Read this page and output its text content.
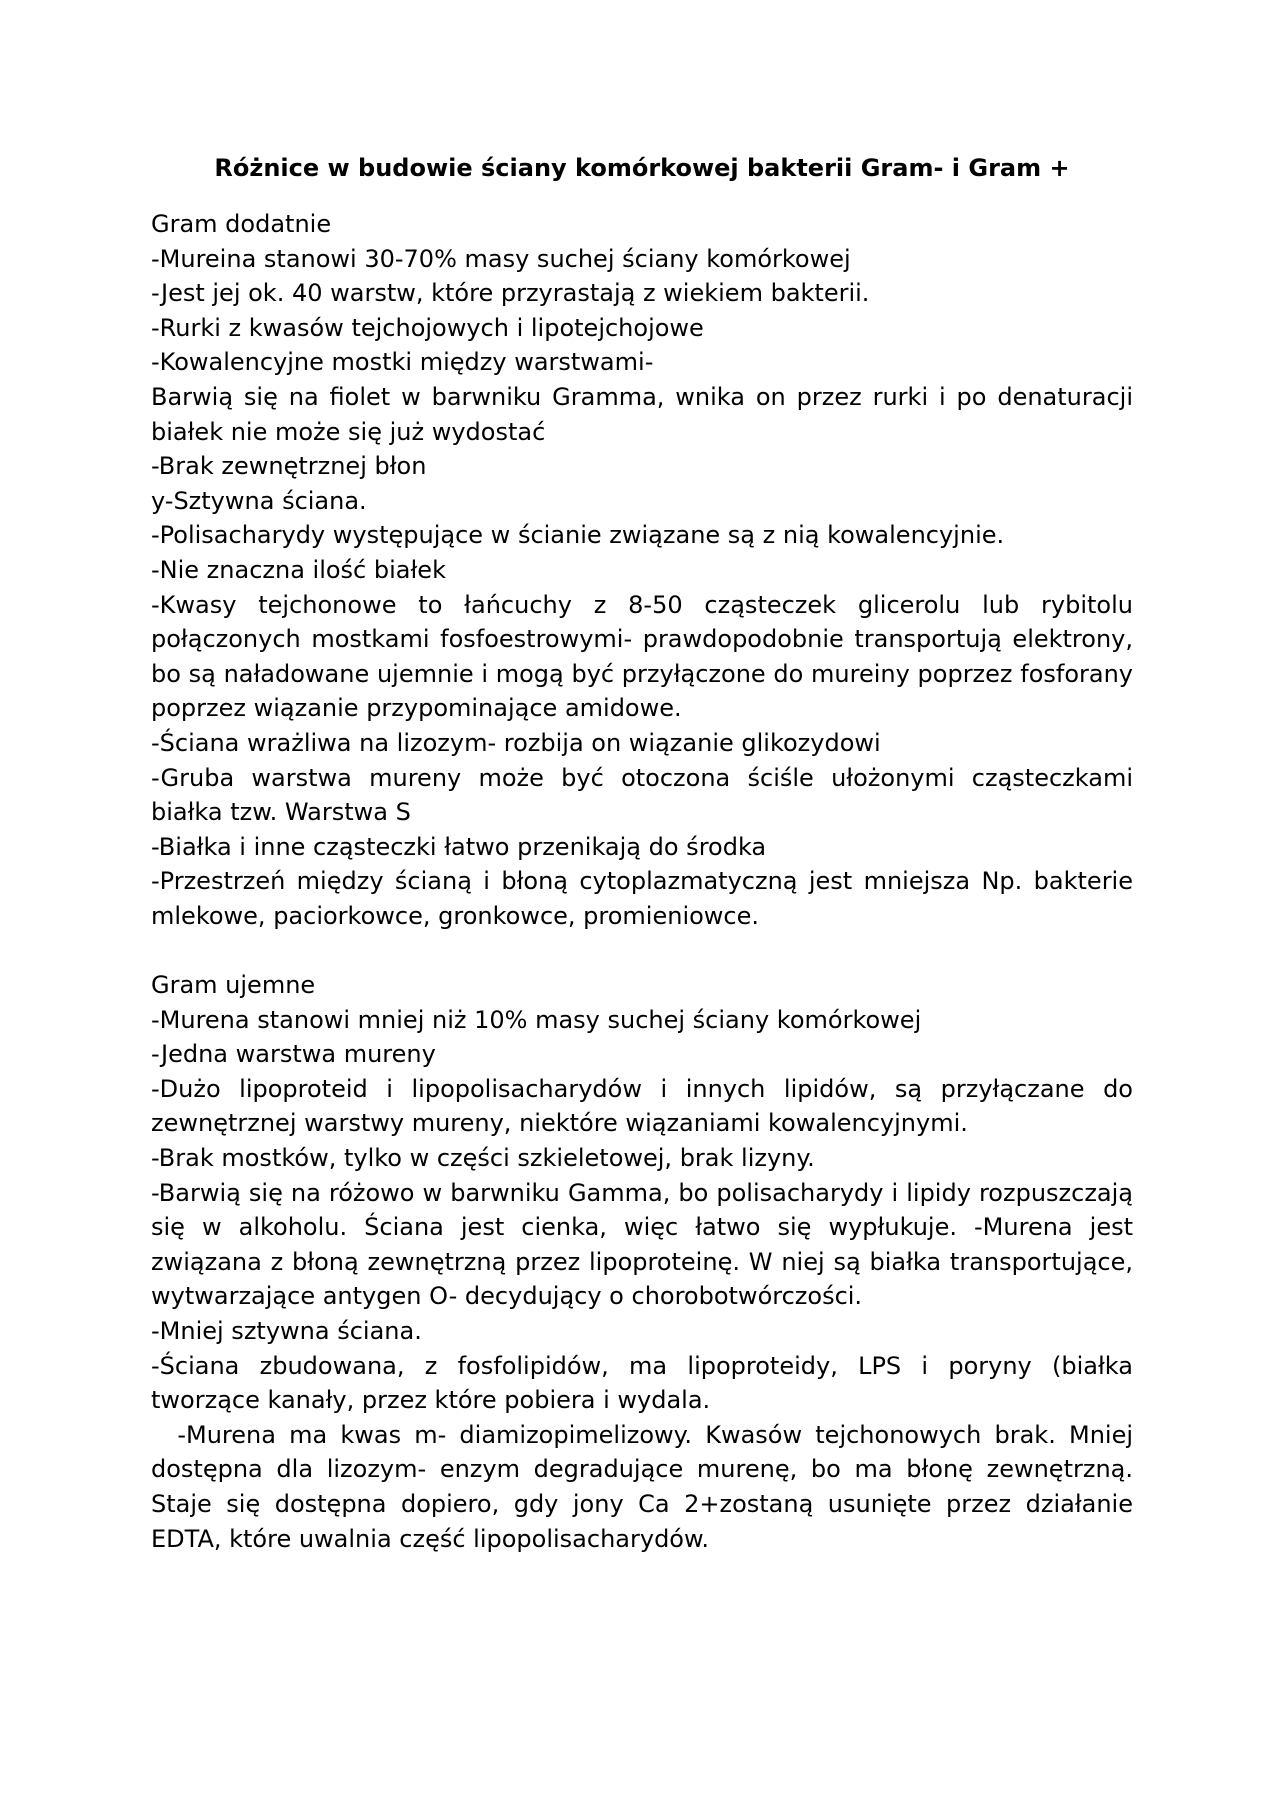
Różnice w budowie ściany komórkowej bakterii Gram- i Gram +
Gram dodatnie
-Mureina stanowi 30-70% masy suchej ściany komórkowej
-Jest jej ok. 40 warstw, które przyrastają z wiekiem bakterii.
-Rurki z kwasów tejchojowych i lipotejchojowe
-Kowalencyjne mostki między warstwami-
Barwią się na fiolet w barwniku Gramma, wnika on przez rurki i po denaturacji białek nie może się już wydostać
-Brak zewnętrznej błon
y-Sztywna ściana.
-Polisacharydy występujące w ścianie związane są z nią kowalencyjnie.
-Nie znaczna ilość białek
-Kwasy tejchonowe to łańcuchy z 8-50 cząsteczek glicerolu lub rybitolu połączonych mostkami fosfoestrowymi- prawdopodobnie transportują elektrony, bo są naładowane ujemnie i mogą być przyłączone do mureiny poprzez fosforany poprzez wiązanie przypominające amidowe.
-Ściana wrażliwa na lizozym- rozbija on wiązanie glikozydowi
-Gruba warstwa mureny może być otoczona ściśle ułożonymi cząsteczkami białka tzw. Warstwa S
-Białka i inne cząsteczki łatwo przenikają do środka
-Przestrzeń między ścianą i błoną cytoplazmatyczną jest mniejsza Np. bakterie mlekowe, paciorkowce, gronkowce, promieniowce.
Gram ujemne
-Murena stanowi mniej niż 10% masy suchej ściany komórkowej
-Jedna warstwa mureny
-Dużo lipoproteid i lipopolisacharydów i innych lipidów, są przyłączane do zewnętrznej warstwy mureny, niektóre wiązaniami kowalencyjnymi.
-Brak mostków, tylko w części szkieletowej, brak lizyny.
-Barwią się na różowo w barwniku Gamma, bo polisacharydy i lipidy rozpuszczają się w alkoholu. Ściana jest cienka, więc łatwo się wypłukuje. -Murena jest związana z błoną zewnętrzną przez lipoproteinę. W niej są białka transportujące, wytwarzające antygen O- decydujący o chorobotwórczości.
-Mniej sztywna ściana.
-Ściana zbudowana, z fosfolipidów, ma lipoproteidy, LPS i poryny (białka tworzące kanały, przez które pobiera i wydala.
-Murena ma kwas m- diamizopimelizowy. Kwasów tejchonowych brak. Mniej dostępna dla lizozym- enzym degradujące murenę, bo ma błonę zewnętrzną. Staje się dostępna dopiero, gdy jony Ca 2+zostaną usunięte przez działanie EDTA, które uwalnia część lipopolisacharydów.
